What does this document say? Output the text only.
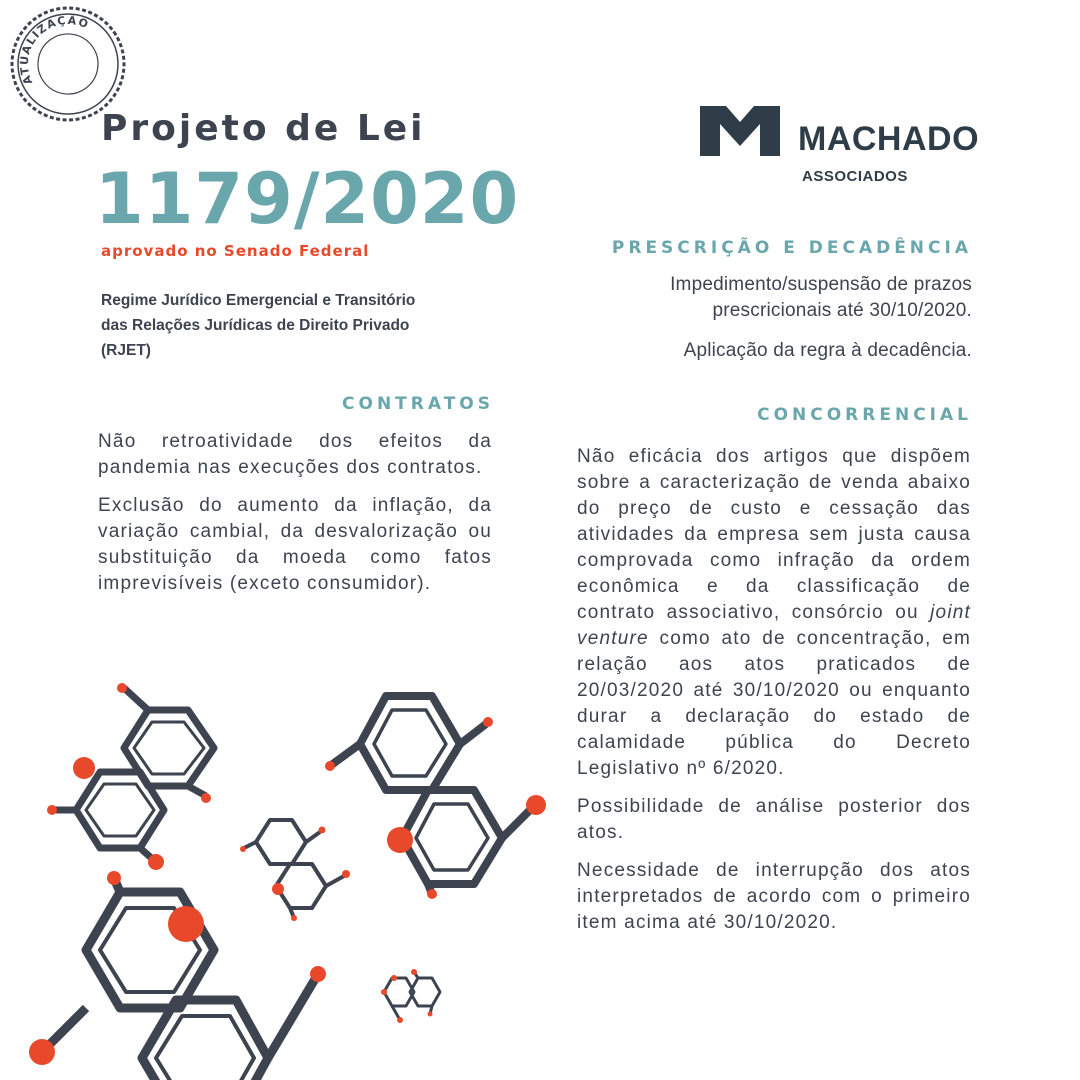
ATUALIZAÇÃO
Projeto de Lei
1179/2020
aprovado no Senado Federal
Regime Jurídico Emergencial e Transitório
das Relações Jurídicas de Direito Privado
(RJET)
MACHADO
ASSOCIADOS
CONTRATOS

Não retroatividade dos efeitos da pandemia nas execuções dos contratos.

Exclusão do aumento da inflação, da variação cambial, da desvalorização ou substituição da moeda como fatos imprevisíveis (exceto consumidor).

PRESCRIÇÃO E DECADÊNCIA

Impedimento/suspensão de prazos
prescricionais até 30/10/2020.

Aplicação da regra à decadência.

CONCORRENCIAL

Não eficácia dos artigos que dispõem sobre a caracterização de venda abaixo do preço de custo e cessação das atividades da empresa sem justa causa comprovada como infração da ordem econômica e da classificação de contrato associativo, consórcio ou joint venture como ato de concentração, em relação aos atos praticados de 20/03/2020 até 30/10/2020 ou enquanto durar a declaração do estado de calamidade pública do Decreto Legislativo nº 6/2020.

Possibilidade de análise posterior dos atos.

Necessidade de interrupção dos atos interpretados de acordo com o primeiro item acima até 30/10/2020.
